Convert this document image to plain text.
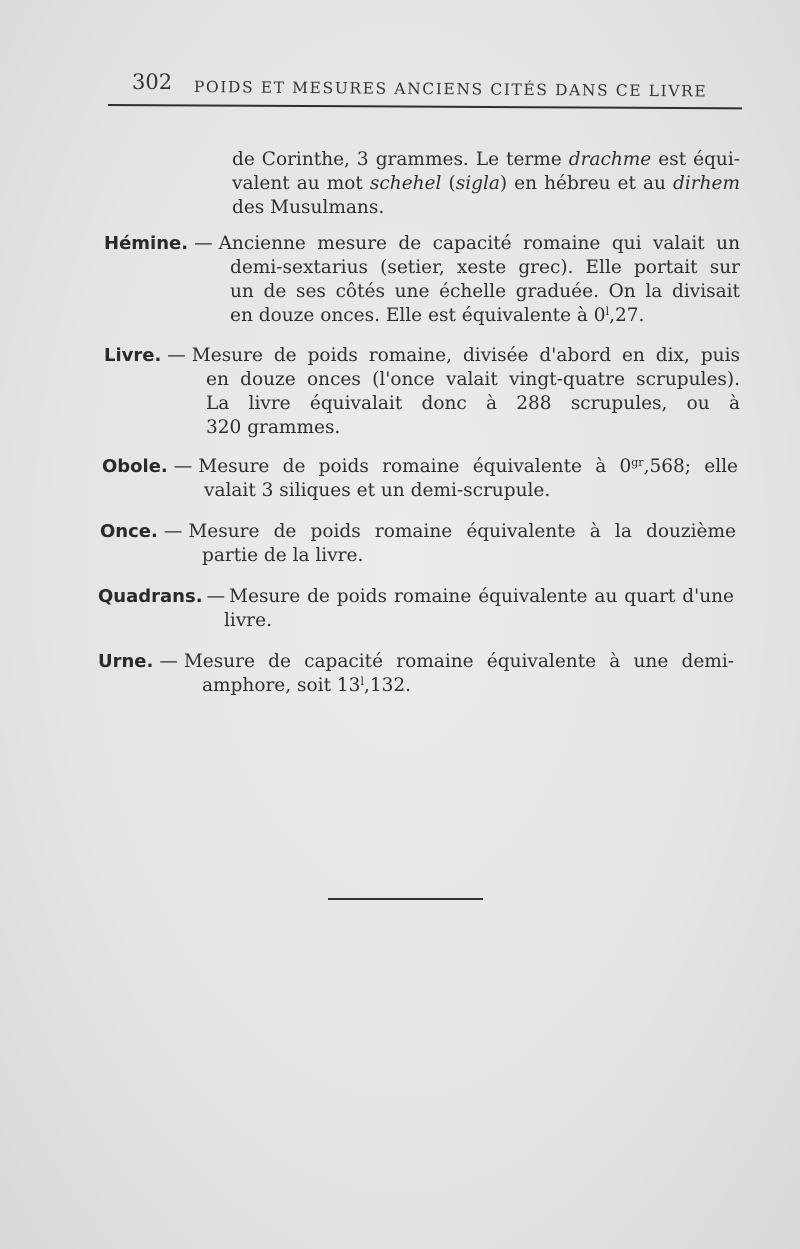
302 POIDS ET MESURES ANCIENS CITÉS DANS CE LIVRE
de Corinthe, 3 grammes. Le terme drachme est équi-
valent au mot schehel (sigla) en hébreu et au dirhem
des Musulmans.
Hémine. — Ancienne mesure de capacité romaine qui valait un
demi-sextarius (setier, xeste grec). Elle portait sur
un de ses côtés une échelle graduée. On la divisait
en douze onces. Elle est équivalente à 0$^l$,27.
Livre. — Mesure de poids romaine, divisée d'abord en dix, puis
en douze onces (l'once valait vingt-quatre scrupules).
La livre équivalait donc à 288 scrupules, ou à
320 grammes.
Obole. — Mesure de poids romaine équivalente à $0^{gr},568$; elle
valait 3 siliques et un demi-scrupule.
Once. — Mesure de poids romaine équivalente à la douzième
partie de la livre.
Quadrans. — Mesure de poids romaine équivalente au quart d'une
livre.
Urne. — Mesure de capacité romaine équivalente à une demi-
amphore, soit 13$^l$,132.
